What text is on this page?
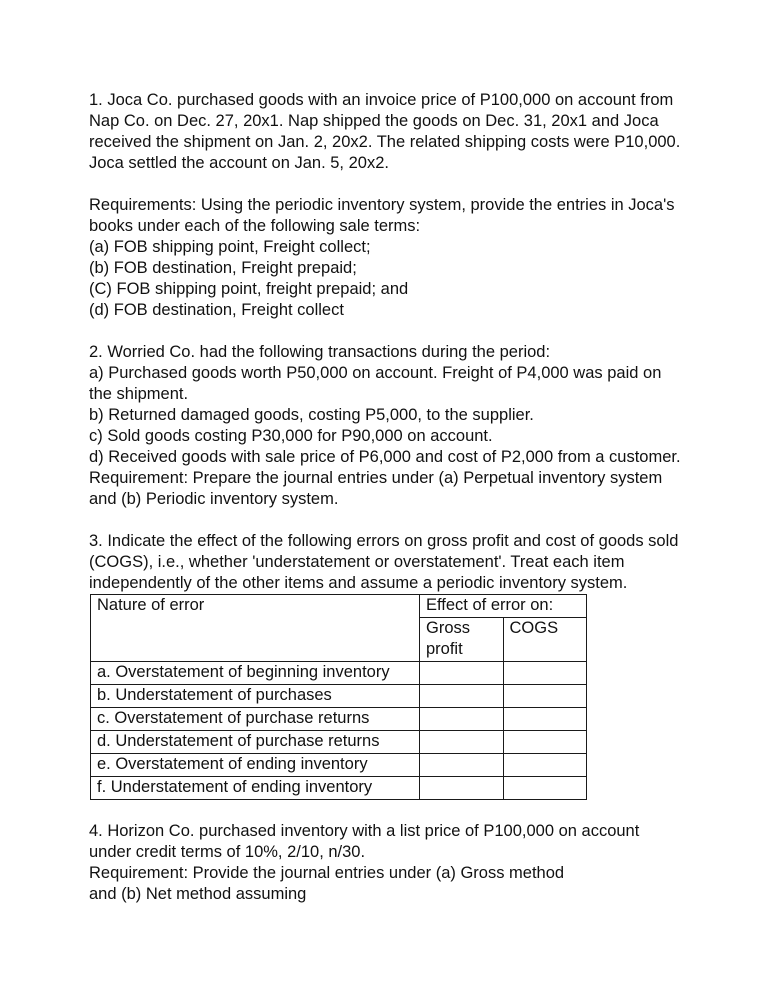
1. Joca Co. purchased goods with an invoice price of P100,000 on account from Nap Co. on Dec. 27, 20x1. Nap shipped the goods on Dec. 31, 20x1 and Joca received the shipment on Jan. 2, 20x2. The related shipping costs were P10,000. Joca settled the account on Jan. 5, 20x2.
Requirements: Using the periodic inventory system, provide the entries in Joca's books under each of the following sale terms:
(a) FOB shipping point, Freight collect;
(b) FOB destination, Freight prepaid;
(C) FOB shipping point, freight prepaid; and
(d) FOB destination, Freight collect
2. Worried Co. had the following transactions during the period:
a) Purchased goods worth P50,000 on account. Freight of P4,000 was paid on the shipment.
b) Returned damaged goods, costing P5,000, to the supplier.
c) Sold goods costing P30,000 for P90,000 on account.
d) Received goods with sale price of P6,000 and cost of P2,000 from a customer.
Requirement: Prepare the journal entries under (a) Perpetual inventory system and (b) Periodic inventory system.
3. Indicate the effect of the following errors on gross profit and cost of goods sold (COGS), i.e., whether 'understatement or overstatement'. Treat each item independently of the other items and assume a periodic inventory system.
Nature of error	Effect of error on:	
	Gross profit	COGS
a. Overstatement of beginning inventory		
b. Understatement of purchases		
c. Overstatement of purchase returns		
d. Understatement of purchase returns		
e. Overstatement of ending inventory		
f. Understatement of ending inventory		
4. Horizon Co. purchased inventory with a list price of P100,000 on account under credit terms of 10%, 2/10, n/30.
Requirement: Provide the journal entries under (a) Gross method
and (b) Net method assuming
